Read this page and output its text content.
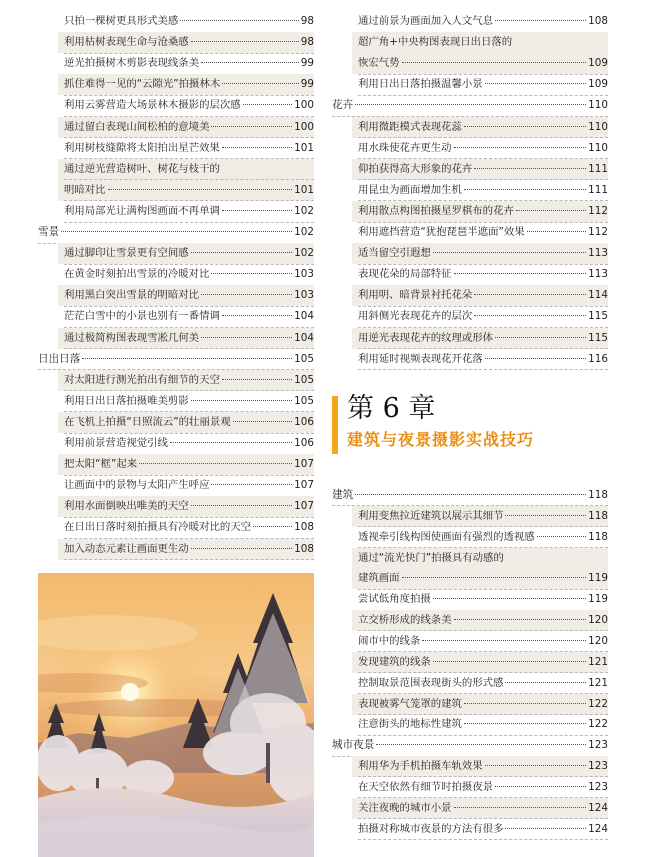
只拍一棵树更具形式美感	98
利用枯树表现生命与沧桑感	98
逆光拍摄树木剪影表现线条美	99
抓住难得一见的“云隙光”拍摄林木	99
利用云雾营造大场景林木摄影的层次感	100
通过留白表现山间松柏的意境美	100
利用树枝缝隙将太阳拍出星芒效果	101
通过逆光营造树叶、树花与枝干的
明暗对比	101
利用局部光让满构图画面不再单调	102
雪景	102
通过脚印让雪景更有空间感	102
在黄金时刻拍出雪景的冷暖对比	103
利用黑白突出雪景的明暗对比	103
茫茫白雪中的小景也别有一番情调	104
通过极简构图表现雪凇几何美	104
日出日落	105
对太阳进行测光拍出有细节的天空	105
利用日出日落拍摄唯美剪影	105
在飞机上拍摄“日照流云”的壮丽景观	106
利用前景营造视觉引线	106
把太阳“框”起来	107
让画面中的景物与太阳产生呼应	107
利用水面倒映出唯美的天空	107
在日出日落时刻拍摄具有冷暖对比的天空	108
加入动态元素让画面更生动	108
通过前景为画面加入人文气息	108
超广角+中央构图表现日出日落的
恢宏气势	109
利用日出日落拍摄温馨小景	109
花卉	110
利用微距模式表现花蕊	110
用水珠使花卉更生动	110
仰拍获得高大形象的花卉	111
用昆虫为画面增加生机	111
利用散点构图拍摄星罗棋布的花卉	112
利用遮挡营造“犹抱琵琶半遮面”效果	112
适当留空引遐想	113
表现花朵的局部特征	113
利用明、暗背景衬托花朵	114
用斜侧光表现花卉的层次	115
用逆光表现花卉的纹理或形体	115
利用延时视频表现花开花落	116
第 6 章
建筑与夜景摄影实战技巧
建筑	118
利用变焦拉近建筑以展示其细节	118
透视牵引线构图使画面有强烈的透视感	118
通过“流光快门”拍摄具有动感的
建筑画面	119
尝试低角度拍摄	119
立交桥形成的线条美	120
闹市中的线条	120
发现建筑的线条	121
控制取景范围表现街头的形式感	121
表现被雾气笼罩的建筑	122
注意街头的地标性建筑	122
城市夜景	123
利用华为手机拍摄车轨效果	123
在天空依然有细节时拍摄夜景	123
关注夜晚的城市小景	124
拍摄对称城市夜景的方法有很多	124
